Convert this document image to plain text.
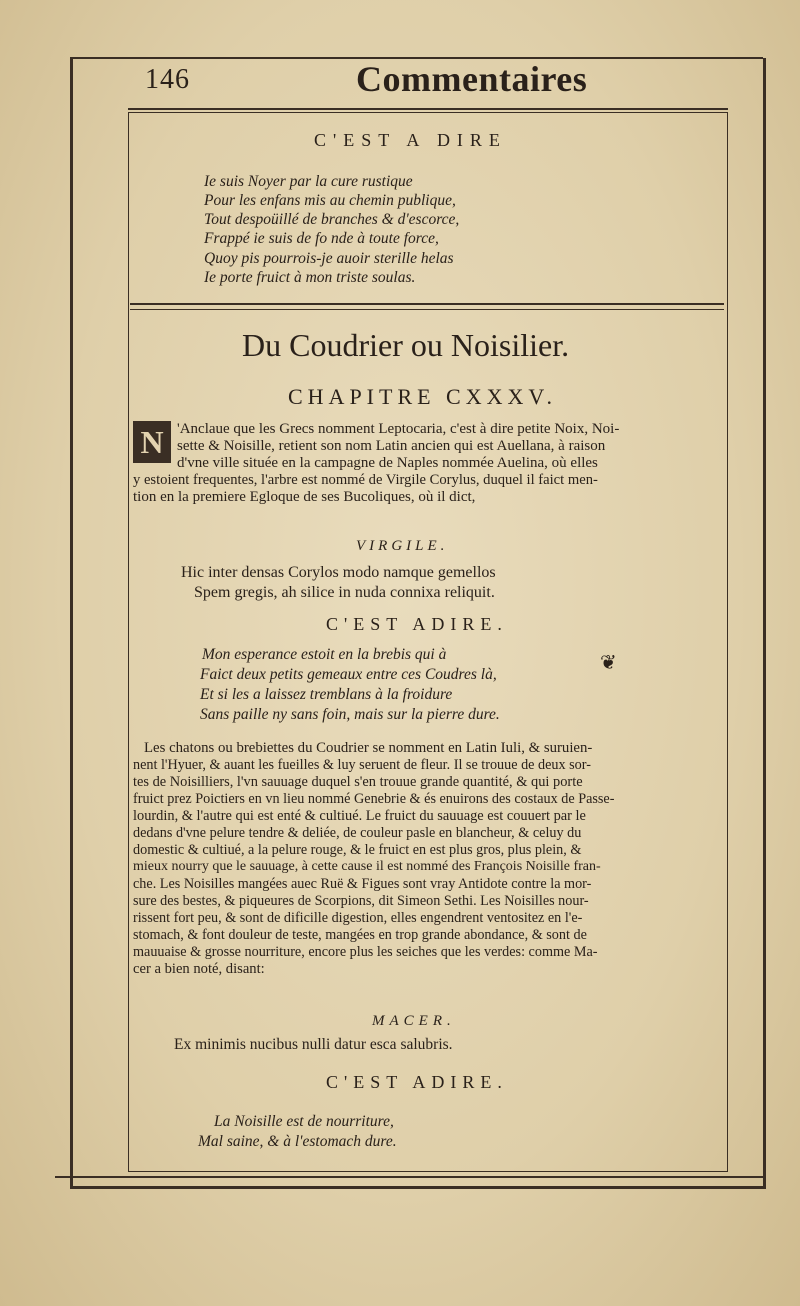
146	Commentaires
C'EST A DIRE
Ie suis Noyer par la cure rustique
Pour les enfans mis au chemin publique,
Tout despoüillé de branches & d'escorce,
Frappé ie suis de fo nde à toute force,
Quoy pis pourrois-je auoir sterille helas
Ie porte fruict à mon triste soulas.
Du Coudrier ou Noisilier.
CHAPITRE CXXXV.
N 'Anclaue que les Grecs nomment Leptocaria, c'est à dire petite Noix, Noi-
sette & Noisille, retient son nom Latin ancien qui est Auellana, à raison
d'vne ville située en la campagne de Naples nommée Auelina, où elles
y estoient frequentes, l'arbre est nommé de Virgile Corylus, duquel il faict men-
tion en la premiere Egloque de ses Bucoliques, où il dict,
VIRGILE.
Hic inter densas Corylos modo namque gemellos
Spem gregis, ah silice in nuda connixa reliquit.
C'EST ADIRE.
Mon esperance estoit en la brebis qui à
Faict deux petits gemeaux entre ces Coudres là,
Et si les a laissez tremblans à la froidure
Sans paille ny sans foin, mais sur la pierre dure.
❦
Les chatons ou brebiettes du Coudrier se nomment en Latin Iuli, & suruien-
nent l'Hyuer, & auant les fueilles & luy seruent de fleur. Il se trouue de deux sor-
tes de Noisilliers, l'vn sauuage duquel s'en trouue grande quantité, & qui porte
fruict prez Poictiers en vn lieu nommé Genebrie & és enuirons des costaux de Passe-
lourdin, & l'autre qui est enté & cultiué. Le fruict du sauuage est couuert par le
dedans d'vne pelure tendre & deliée, de couleur pasle en blancheur, & celuy du
domestic & cultiué, a la pelure rouge, & le fruict en est plus gros, plus plein, &
mieux nourry que le sauuage, à cette cause il est nommé des François Noisille fran-
che. Les Noisilles mangées auec Ruë & Figues sont vray Antidote contre la mor-
sure des bestes, & piqueures de Scorpions, dit Simeon Sethi. Les Noisilles nour-
rissent fort peu, & sont de dificille digestion, elles engendrent ventositez en l'e-
stomach, & font douleur de teste, mangées en trop grande abondance, & sont de
mauuaise & grosse nourriture, encore plus les seiches que les verdes: comme Ma-
cer a bien noté, disant:
MACER.
Ex minimis nucibus nulli datur esca salubris.
C'EST ADIRE.
La Noisille est de nourriture,
Mal saine, & à l'estomach dure.
